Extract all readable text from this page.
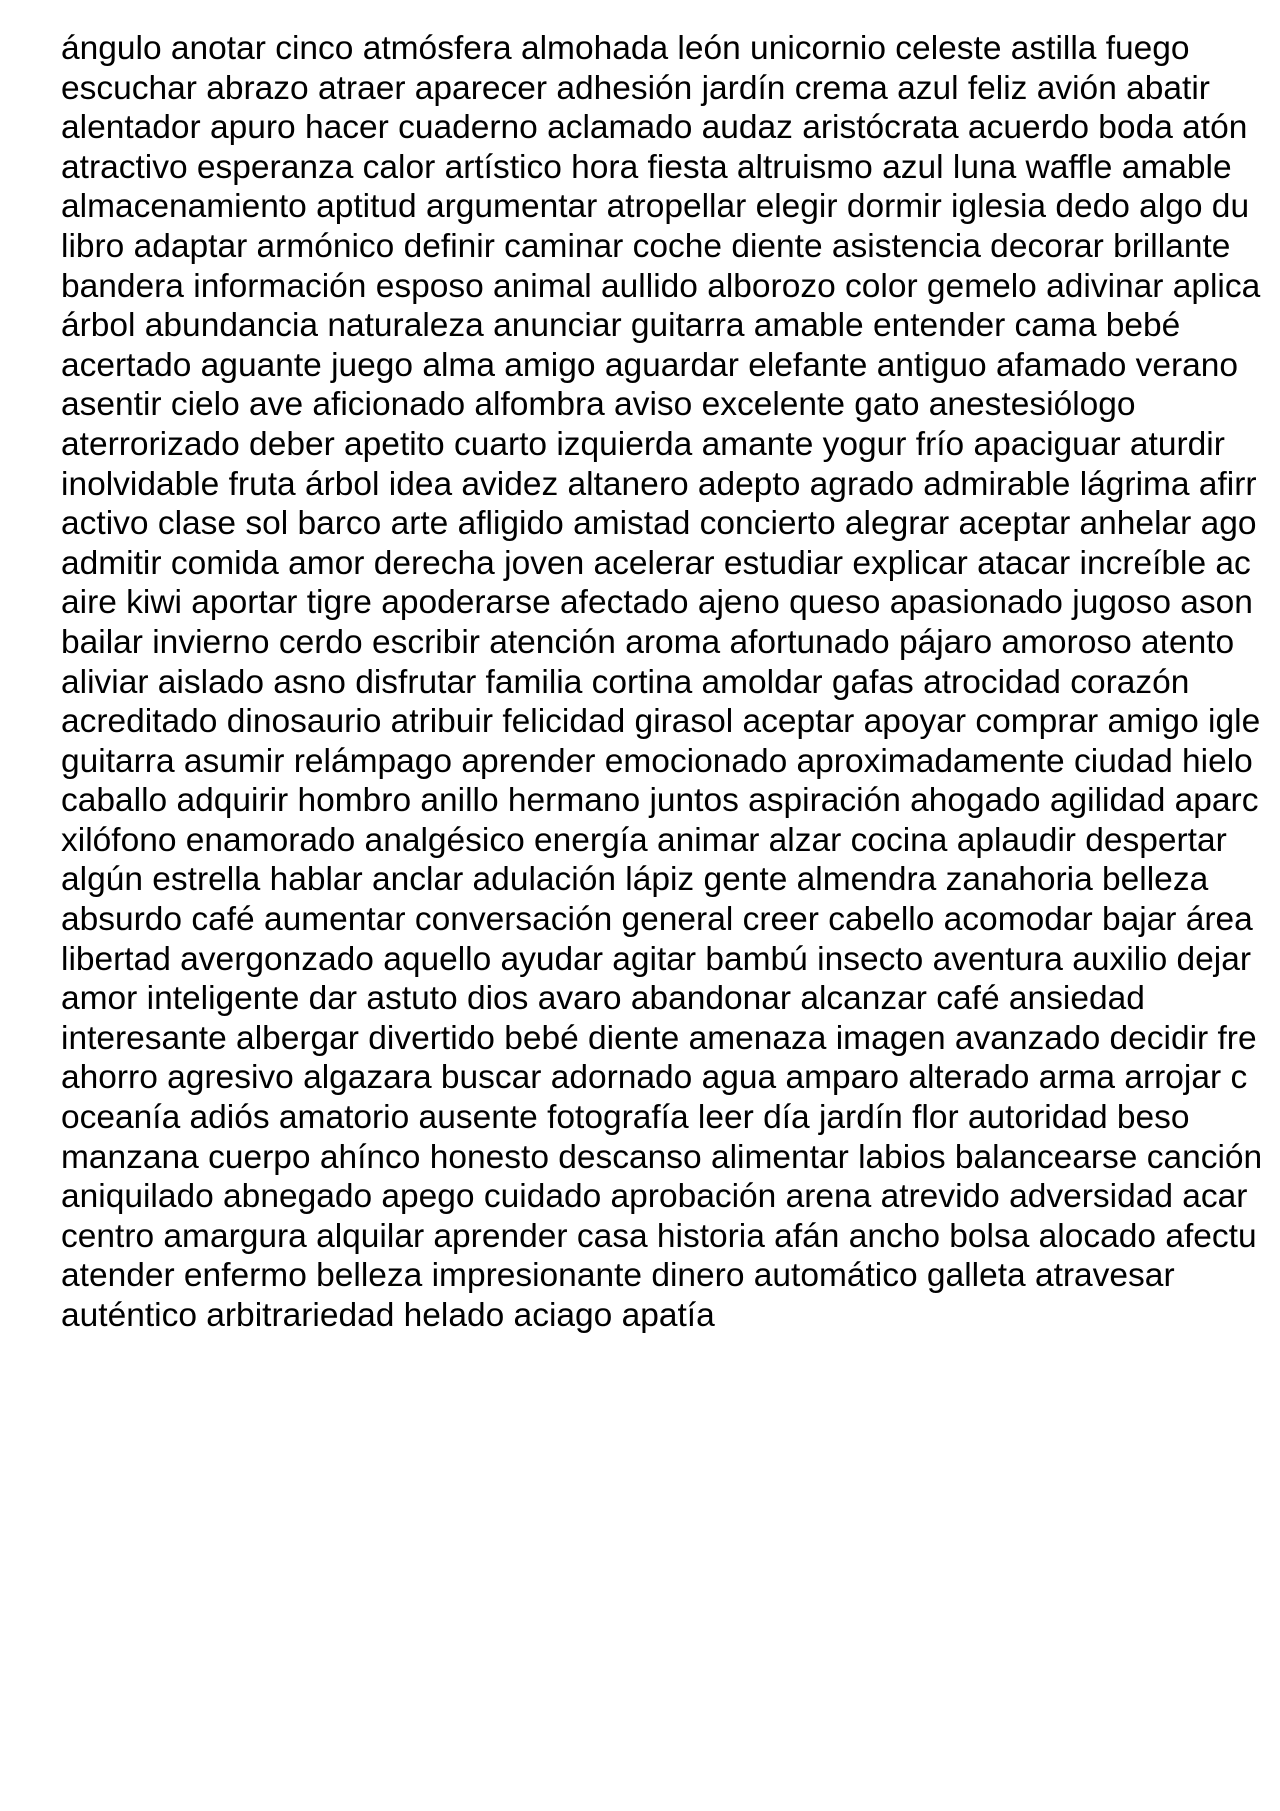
ángulo anotar cinco atmósfera almohada león unicornio celeste astilla fuego
escuchar abrazo atraer aparecer adhesión jardín crema azul feliz avión abatir
alentador apuro hacer cuaderno aclamado audaz aristócrata acuerdo boda atón
atractivo esperanza calor artístico hora fiesta altruismo azul luna waffle amable
almacenamiento aptitud argumentar atropellar elegir dormir iglesia dedo algo du
libro adaptar armónico definir caminar coche diente asistencia decorar brillante
bandera información esposo animal aullido alborozo color gemelo adivinar aplica
árbol abundancia naturaleza anunciar guitarra amable entender cama bebé
acertado aguante juego alma amigo aguardar elefante antiguo afamado verano
asentir cielo ave aficionado alfombra aviso excelente gato anestesiólogo
aterrorizado deber apetito cuarto izquierda amante yogur frío apaciguar aturdir
inolvidable fruta árbol idea avidez altanero adepto agrado admirable lágrima afirr
activo clase sol barco arte afligido amistad concierto alegrar aceptar anhelar ago
admitir comida amor derecha joven acelerar estudiar explicar atacar increíble ac
aire kiwi aportar tigre apoderarse afectado ajeno queso apasionado jugoso ason
bailar invierno cerdo escribir atención aroma afortunado pájaro amoroso atento
aliviar aislado asno disfrutar familia cortina amoldar gafas atrocidad corazón
acreditado dinosaurio atribuir felicidad girasol aceptar apoyar comprar amigo igle
guitarra asumir relámpago aprender emocionado aproximadamente ciudad hielo
caballo adquirir hombro anillo hermano juntos aspiración ahogado agilidad aparc
xilófono enamorado analgésico energía animar alzar cocina aplaudir despertar
algún estrella hablar anclar adulación lápiz gente almendra zanahoria belleza
absurdo café aumentar conversación general creer cabello acomodar bajar área
libertad avergonzado aquello ayudar agitar bambú insecto aventura auxilio dejar
amor inteligente dar astuto dios avaro abandonar alcanzar café ansiedad
interesante albergar divertido bebé diente amenaza imagen avanzado decidir fre
ahorro agresivo algazara buscar adornado agua amparo alterado arma arrojar c
oceanía adiós amatorio ausente fotografía leer día jardín flor autoridad beso
manzana cuerpo ahínco honesto descanso alimentar labios balancearse canción
aniquilado abnegado apego cuidado aprobación arena atrevido adversidad acar
centro amargura alquilar aprender casa historia afán ancho bolsa alocado afectu
atender enfermo belleza impresionante dinero automático galleta atravesar
auténtico arbitrariedad helado aciago apatía
